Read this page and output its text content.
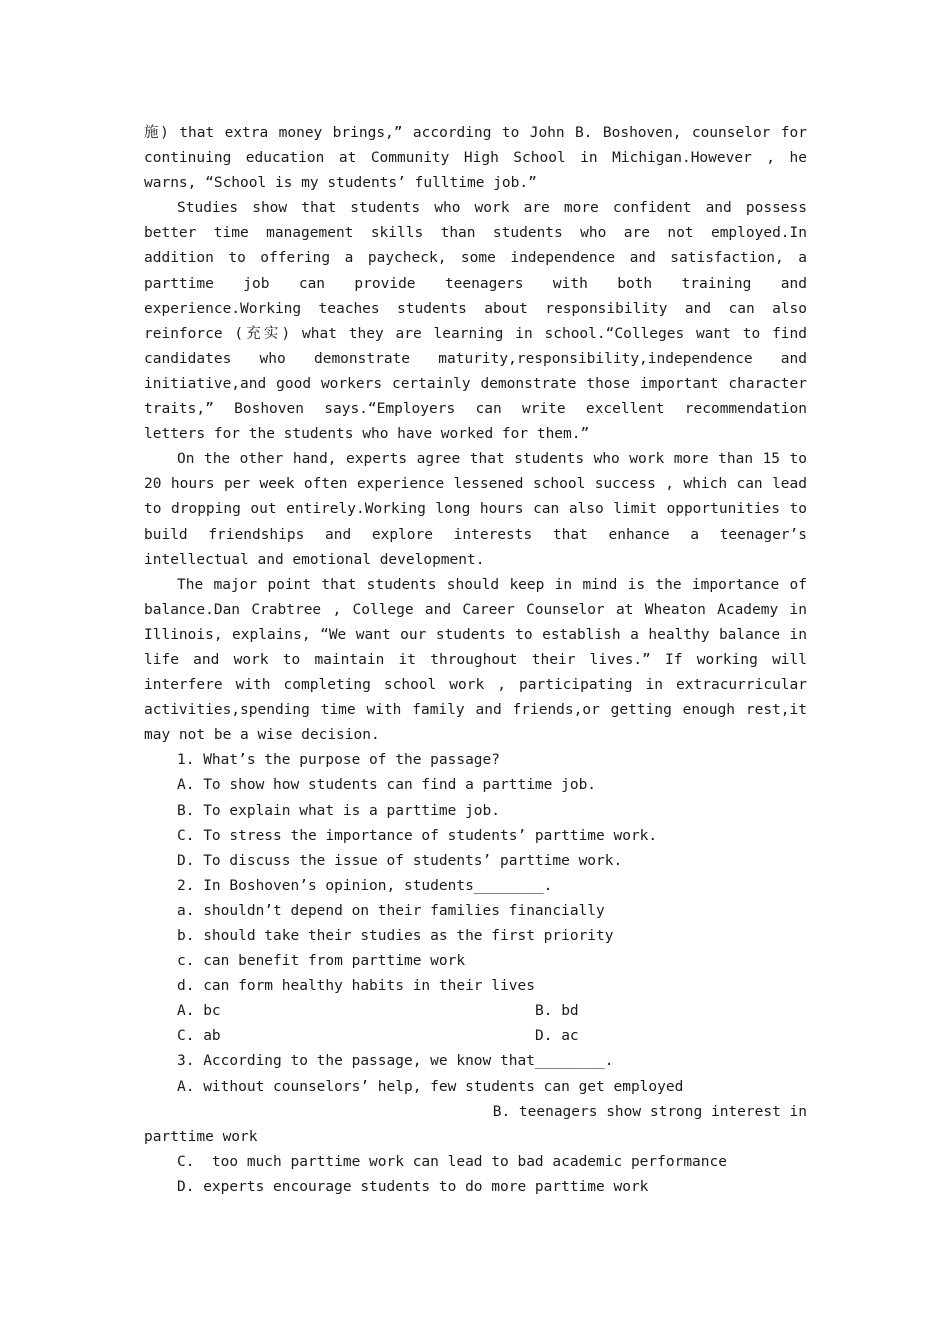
施) that extra money brings,” according to John B. Boshoven, counselor for continuing education at Community High School in Michigan.However , he warns, “School is my students’ fulltime job.”

Studies show that students who work are more confident and possess better time management skills than students who are not employed.In addition to offering a paycheck, some independence and satisfaction, a parttime job can provide teenagers with both training and experience.Working teaches students about responsibility and can also reinforce (充实) what they are learning in school.“Colleges want to find candidates who demonstrate maturity,responsibility,independence and initiative,and good workers certainly demonstrate those important character traits,” Boshoven says.“Employers can write excellent recommendation letters for the students who have worked for them.”

On the other hand, experts agree that students who work more than 15 to 20 hours per week often experience lessened school success , which can lead to dropping out entirely.Working long hours can also limit opportunities to build friendships and explore interests that enhance a teenager’s intellectual and emotional development.

The major point that students should keep in mind is the importance of balance.Dan Crabtree , College and Career Counselor at Wheaton Academy in Illinois, explains, “We want our students to establish a healthy balance in life and work to maintain it throughout their lives.” If working will interfere with completing school work , participating in extracurricular activities,spending time with family and friends,or getting enough rest,it may not be a wise decision.

1. What’s the purpose of the passage?

A. To show how students can find a parttime job.

B. To explain what is a parttime job.

C. To stress the importance of students’ parttime work.

D. To discuss the issue of students’ parttime work.

2. In Boshoven’s opinion, students________.

a. shouldn’t depend on their families financially

b. should take their studies as the first priority

c. can benefit from parttime work

d. can form healthy habits in their lives

A. bc	B. bd

C. ab	D. ac

3. According to the passage, we know that________.

A. without counselors’ help, few students can get employed

B. teenagers show strong interest in

parttime work

C.  too much parttime work can lead to bad academic performance

D. experts encourage students to do more parttime work
